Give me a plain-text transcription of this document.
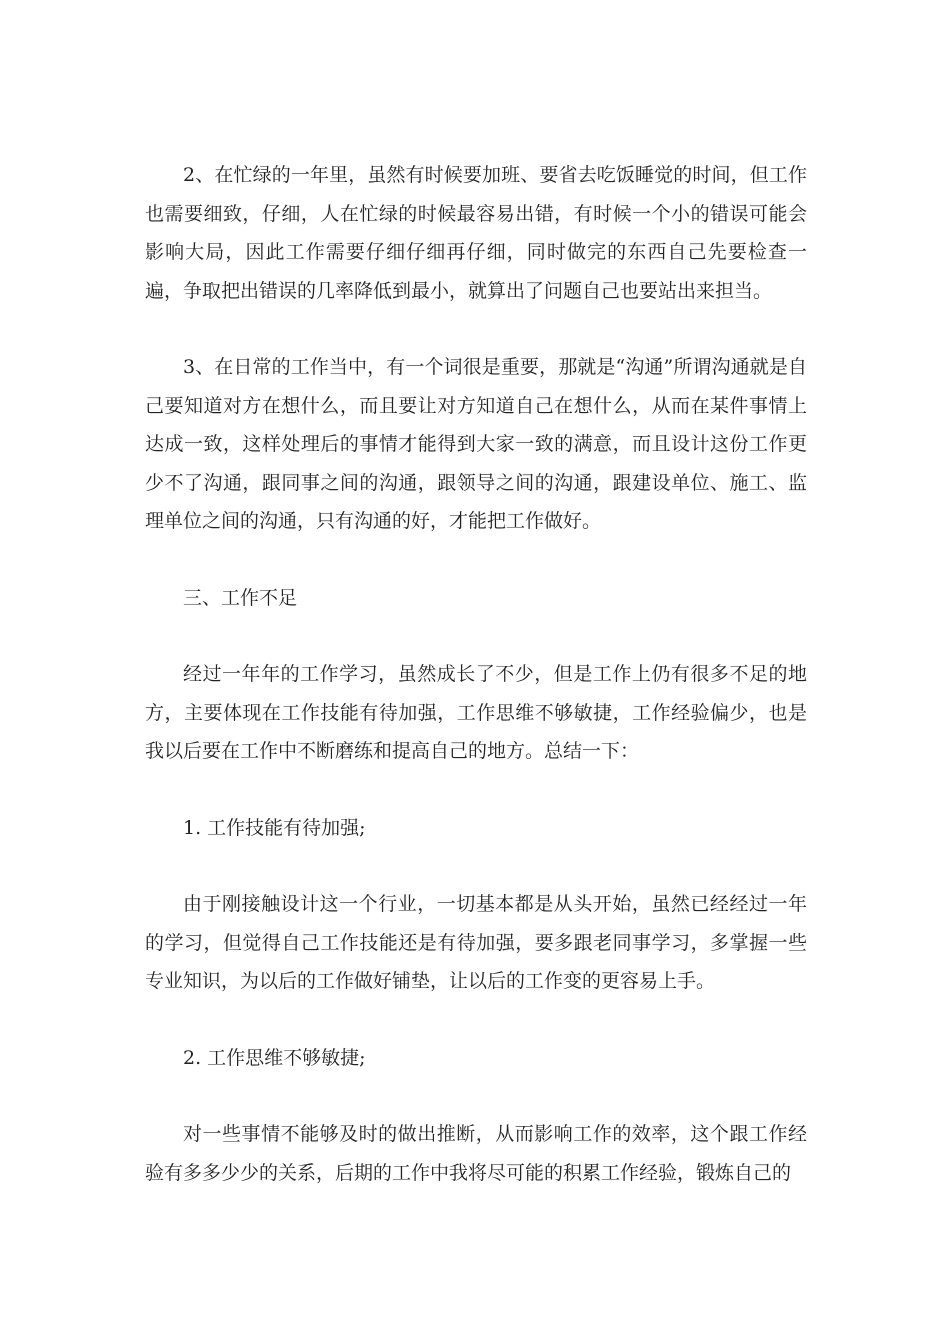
2、在忙绿的一年里，虽然有时候要加班、要省去吃饭睡觉的时间，但工作也需要细致，仔细，人在忙绿的时候最容易出错，有时候一个小的错误可能会影响大局，因此工作需要仔细仔细再仔细，同时做完的东西自己先要检查一遍，争取把出错误的几率降低到最小，就算出了问题自己也要站出来担当。

3、在日常的工作当中，有一个词很是重要，那就是“沟通”所谓沟通就是自己要知道对方在想什么，而且要让对方知道自己在想什么，从而在某件事情上达成一致，这样处理后的事情才能得到大家一致的满意，而且设计这份工作更少不了沟通，跟同事之间的沟通，跟领导之间的沟通，跟建设单位、施工、监理单位之间的沟通，只有沟通的好，才能把工作做好。

三、工作不足

经过一年年的工作学习，虽然成长了不少，但是工作上仍有很多不足的地方，主要体现在工作技能有待加强，工作思维不够敏捷，工作经验偏少，也是我以后要在工作中不断磨练和提高自己的地方。总结一下：

1. 工作技能有待加强;

由于刚接触设计这一个行业，一切基本都是从头开始，虽然已经经过一年的学习，但觉得自己工作技能还是有待加强，要多跟老同事学习，多掌握一些专业知识，为以后的工作做好铺垫，让以后的工作变的更容易上手。

2. 工作思维不够敏捷;

对一些事情不能够及时的做出推断，从而影响工作的效率，这个跟工作经验有多多少少的关系，后期的工作中我将尽可能的积累工作经验，锻炼自己的
